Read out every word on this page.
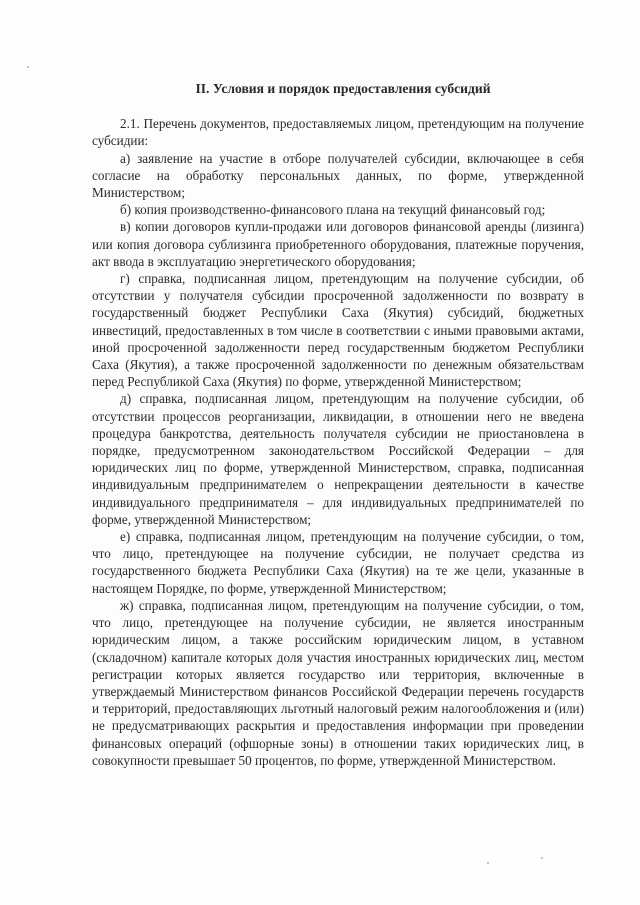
II. Условия и порядок предоставления субсидий

2.1. Перечень документов, предоставляемых лицом, претендующим на получение субсидии:

а) заявление на участие в отборе получателей субсидии, включающее в себя согласие на обработку персональных данных, по форме, утвержденной Министерством;

б) копия производственно-финансового плана на текущий финансовый год;

в) копии договоров купли-продажи или договоров финансовой аренды (лизинга) или копия договора сублизинга приобретенного оборудования, платежные поручения, акт ввода в эксплуатацию энергетического оборудования;

г) справка, подписанная лицом, претендующим на получение субсидии, об отсутствии у получателя субсидии просроченной задолженности по возврату в государственный бюджет Республики Саха (Якутия) субсидий, бюджетных инвестиций, предоставленных в том числе в соответствии с иными правовыми актами, иной просроченной задолженности перед государственным бюджетом Республики Саха (Якутия), а также просроченной задолженности по денежным обязательствам перед Республикой Саха (Якутия) по форме, утвержденной Министерством;

д) справка, подписанная лицом, претендующим на получение субсидии, об отсутствии процессов реорганизации, ликвидации, в отношении него не введена процедура банкротства, деятельность получателя субсидии не приостановлена в порядке, предусмотренном законодательством Российской Федерации – для юридических лиц по форме, утвержденной Министерством, справка, подписанная индивидуальным предпринимателем о непрекращении деятельности в качестве индивидуального предпринимателя – для индивидуальных предпринимателей по форме, утвержденной Министерством;

е) справка, подписанная лицом, претендующим на получение субсидии, о том, что лицо, претендующее на получение субсидии, не получает средства из государственного бюджета Республики Саха (Якутия) на те же цели, указанные в настоящем Порядке, по форме, утвержденной Министерством;

ж) справка, подписанная лицом, претендующим на получение субсидии, о том, что лицо, претендующее на получение субсидии, не является иностранным юридическим лицом, а также российским юридическим лицом, в уставном (складочном) капитале которых доля участия иностранных юридических лиц, местом регистрации которых является государство или территория, включенные в утверждаемый Министерством финансов Российской Федерации перечень государств и территорий, предоставляющих льготный налоговый режим налогообложения и (или) не предусматривающих раскрытия и предоставления информации при проведении финансовых операций (офшорные зоны) в отношении таких юридических лиц, в совокупности превышает 50 процентов, по форме, утвержденной Министерством.
